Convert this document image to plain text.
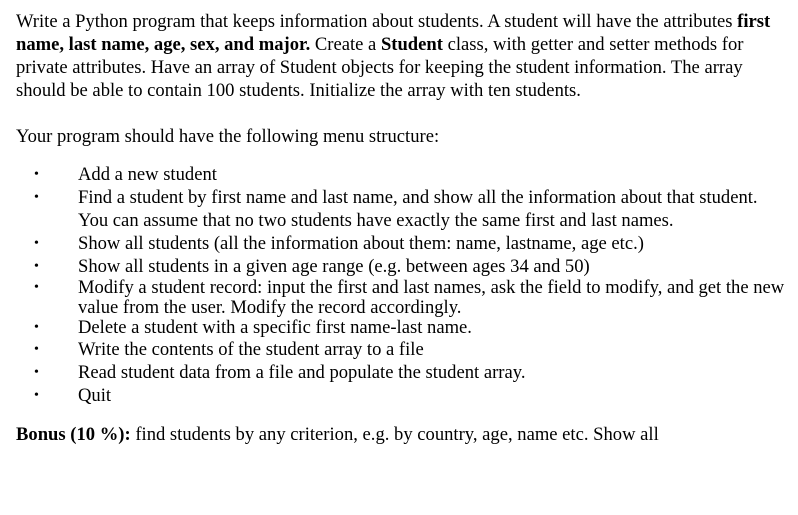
Write a Python program that keeps information about students. A student will have the attributes first name, last name, age, sex, and major. Create a Student class, with getter and setter methods for private attributes. Have an array of Student objects for keeping the student information. The array should be able to contain 100 students. Initialize the array with ten students.

Your program should have the following menu structure:

• Add a new student
• Find a student by first name and last name, and show all the information about that student. You can assume that no two students have exactly the same first and last names.
• Show all students (all the information about them: name, lastname, age etc.)
• Show all students in a given age range (e.g. between ages 34 and 50)
• Modify a student record: input the first and last names, ask the field to modify, and get the new value from the user. Modify the record accordingly.
• Delete a student with a specific first name-last name.
• Write the contents of the student array to a file
• Read student data from a file and populate the student array.
• Quit

Bonus (10 %): find students by any criterion, e.g. by country, age, name etc. Show all
